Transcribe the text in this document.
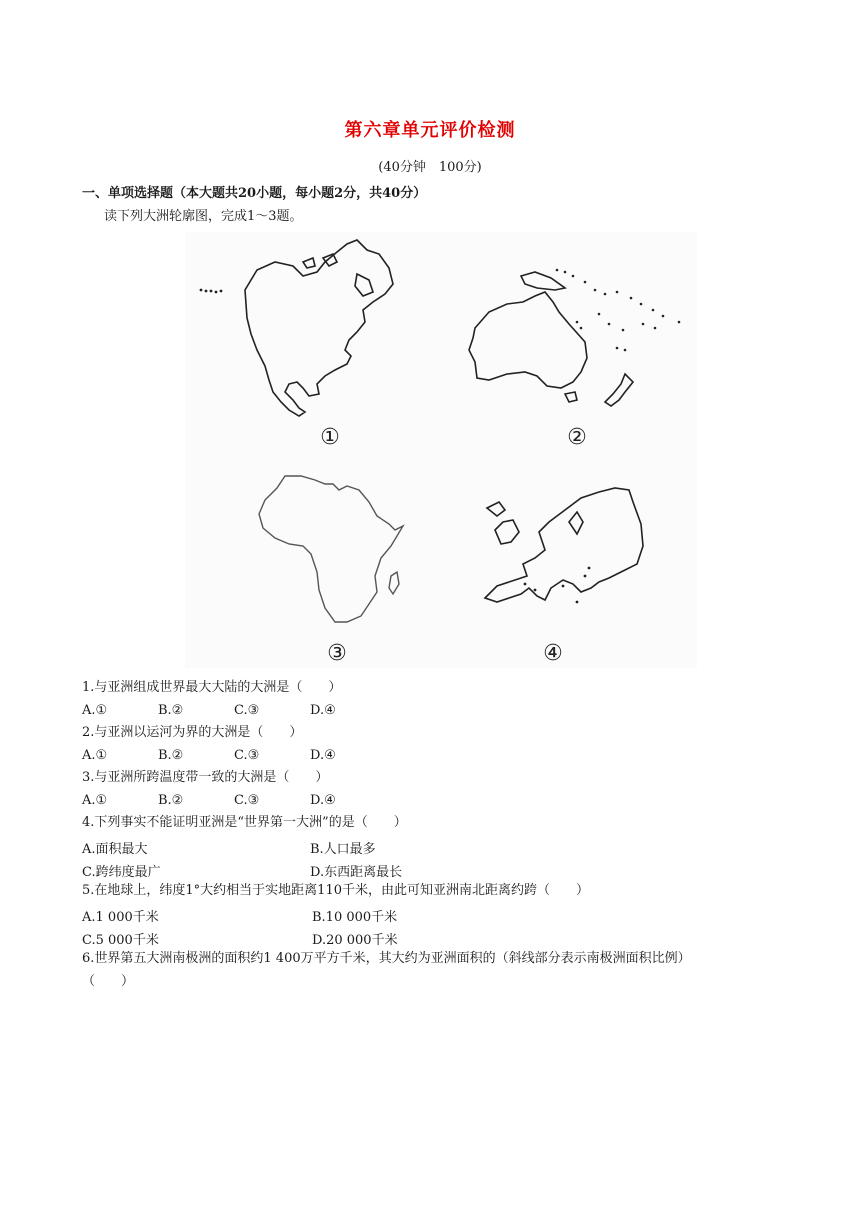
第六章单元评价检测
(40分钟　100分)
一、单项选择题（本大题共20小题，每小题2分，共40分）
读下列大洲轮廓图，完成1～3题。
①	②
③	④
1.与亚洲组成世界最大大陆的大洲是（　　）
A.①	B.②	C.③	D.④
2.与亚洲以运河为界的大洲是（　　）
A.①	B.②	C.③	D.④
3.与亚洲所跨温度带一致的大洲是（　　）
A.①	B.②	C.③	D.④
4.下列事实不能证明亚洲是“世界第一大洲”的是（　　）
A.面积最大	B.人口最多
C.跨纬度最广	D.东西距离最长
5.在地球上，纬度1°大约相当于实地距离110千米，由此可知亚洲南北距离约跨（　　）
A.1 000千米	B.10 000千米
C.5 000千米	D.20 000千米
6.世界第五大洲南极洲的面积约1 400万平方千米，其大约为亚洲面积的（斜线部分表示南极洲面积比例）
（　　）
